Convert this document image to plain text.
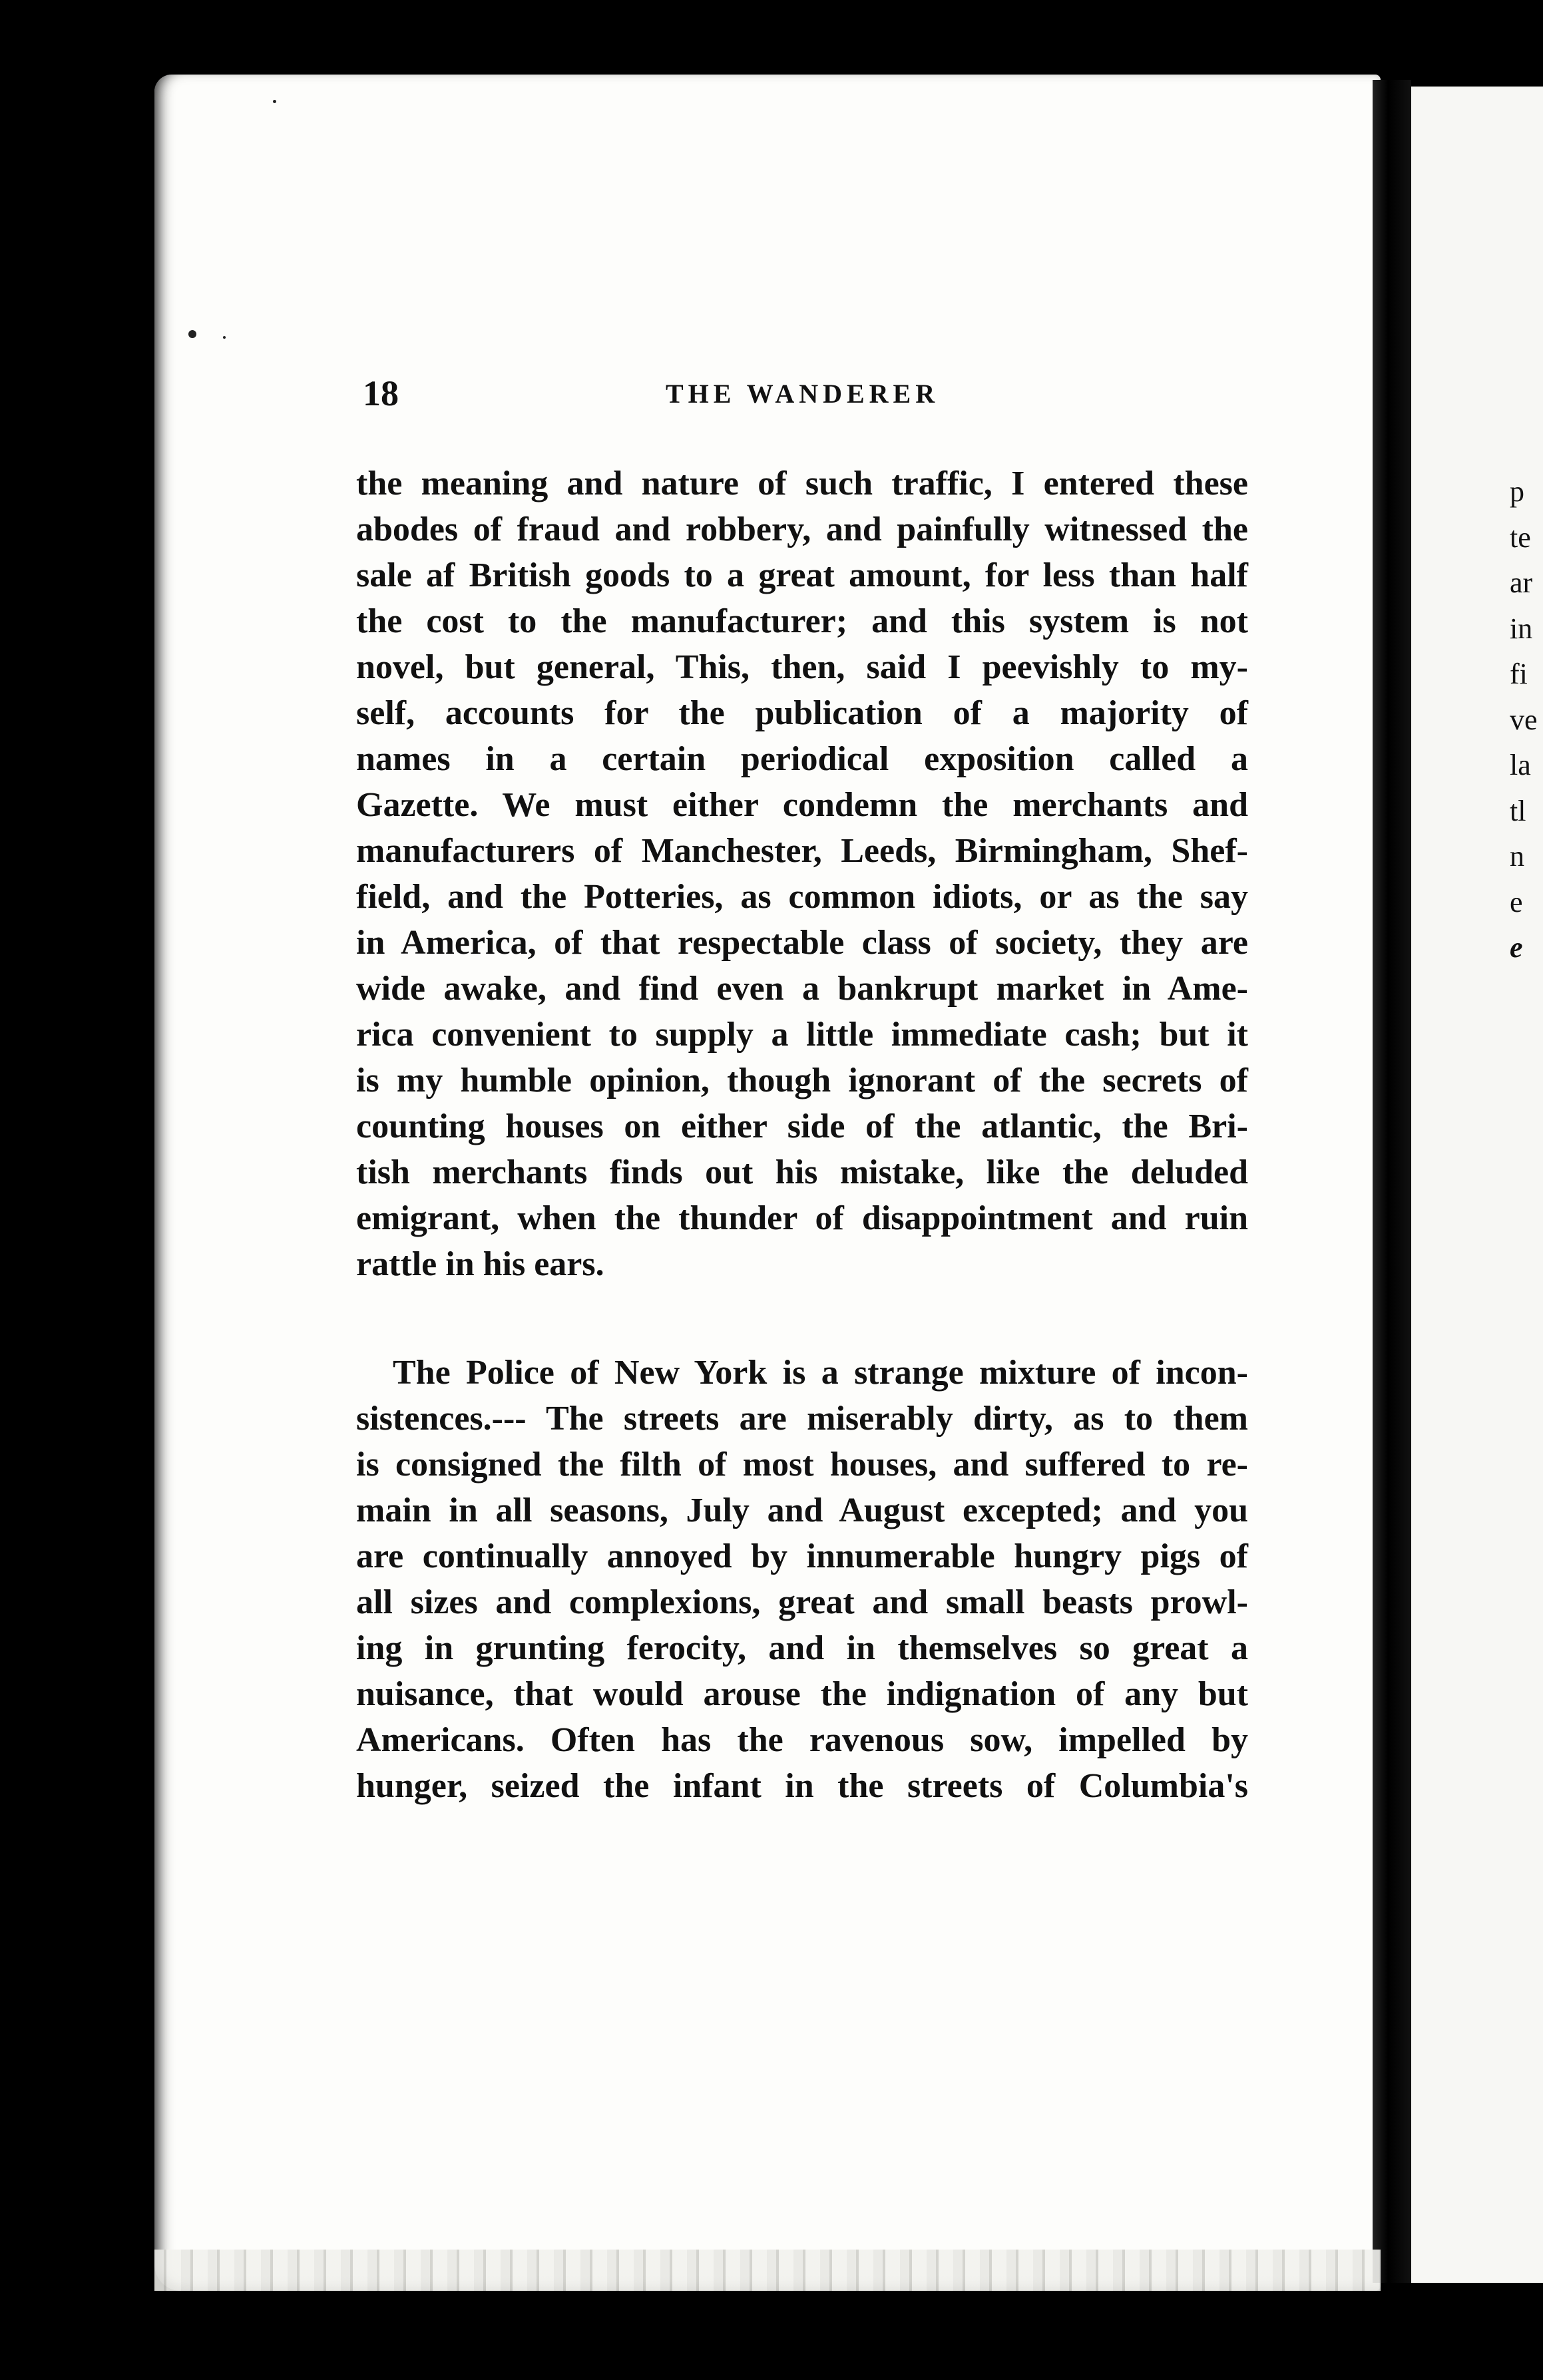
p
te
ar
in
fi
ve
la
tl
n
e
e
18	THE WANDERER
the meaning and nature of such traffic, I entered these
abodes of fraud and robbery, and painfully witnessed the
sale af British goods to a great amount, for less than half
the cost to the manufacturer; and this system is not
novel, but general, This, then, said I peevishly to my-
self, accounts for the publication of a majority of
names in a certain periodical exposition called a
Gazette. We must either condemn the merchants and
manufacturers of Manchester, Leeds, Birmingham, Shef-
field, and the Potteries, as common idiots, or as the say
in America, of that respectable class of society, they are
wide awake, and find even a bankrupt market in Ame-
rica convenient to supply a little immediate cash; but it
is my humble opinion, though ignorant of the secrets of
counting houses on either side of the atlantic, the Bri-
tish merchants finds out his mistake, like the deluded
emigrant, when the thunder of disappointment and ruin
rattle in his ears.
The Police of New York is a strange mixture of incon-
sistences.--- The streets are miserably dirty, as to them
is consigned the filth of most houses, and suffered to re-
main in all seasons, July and August excepted; and you
are continually annoyed by innumerable hungry pigs of
all sizes and complexions, great and small beasts prowl-
ing in grunting ferocity, and in themselves so great a
nuisance, that would arouse the indignation of any but
Americans. Often has the ravenous sow, impelled by
hunger, seized the infant in the streets of Columbia's
